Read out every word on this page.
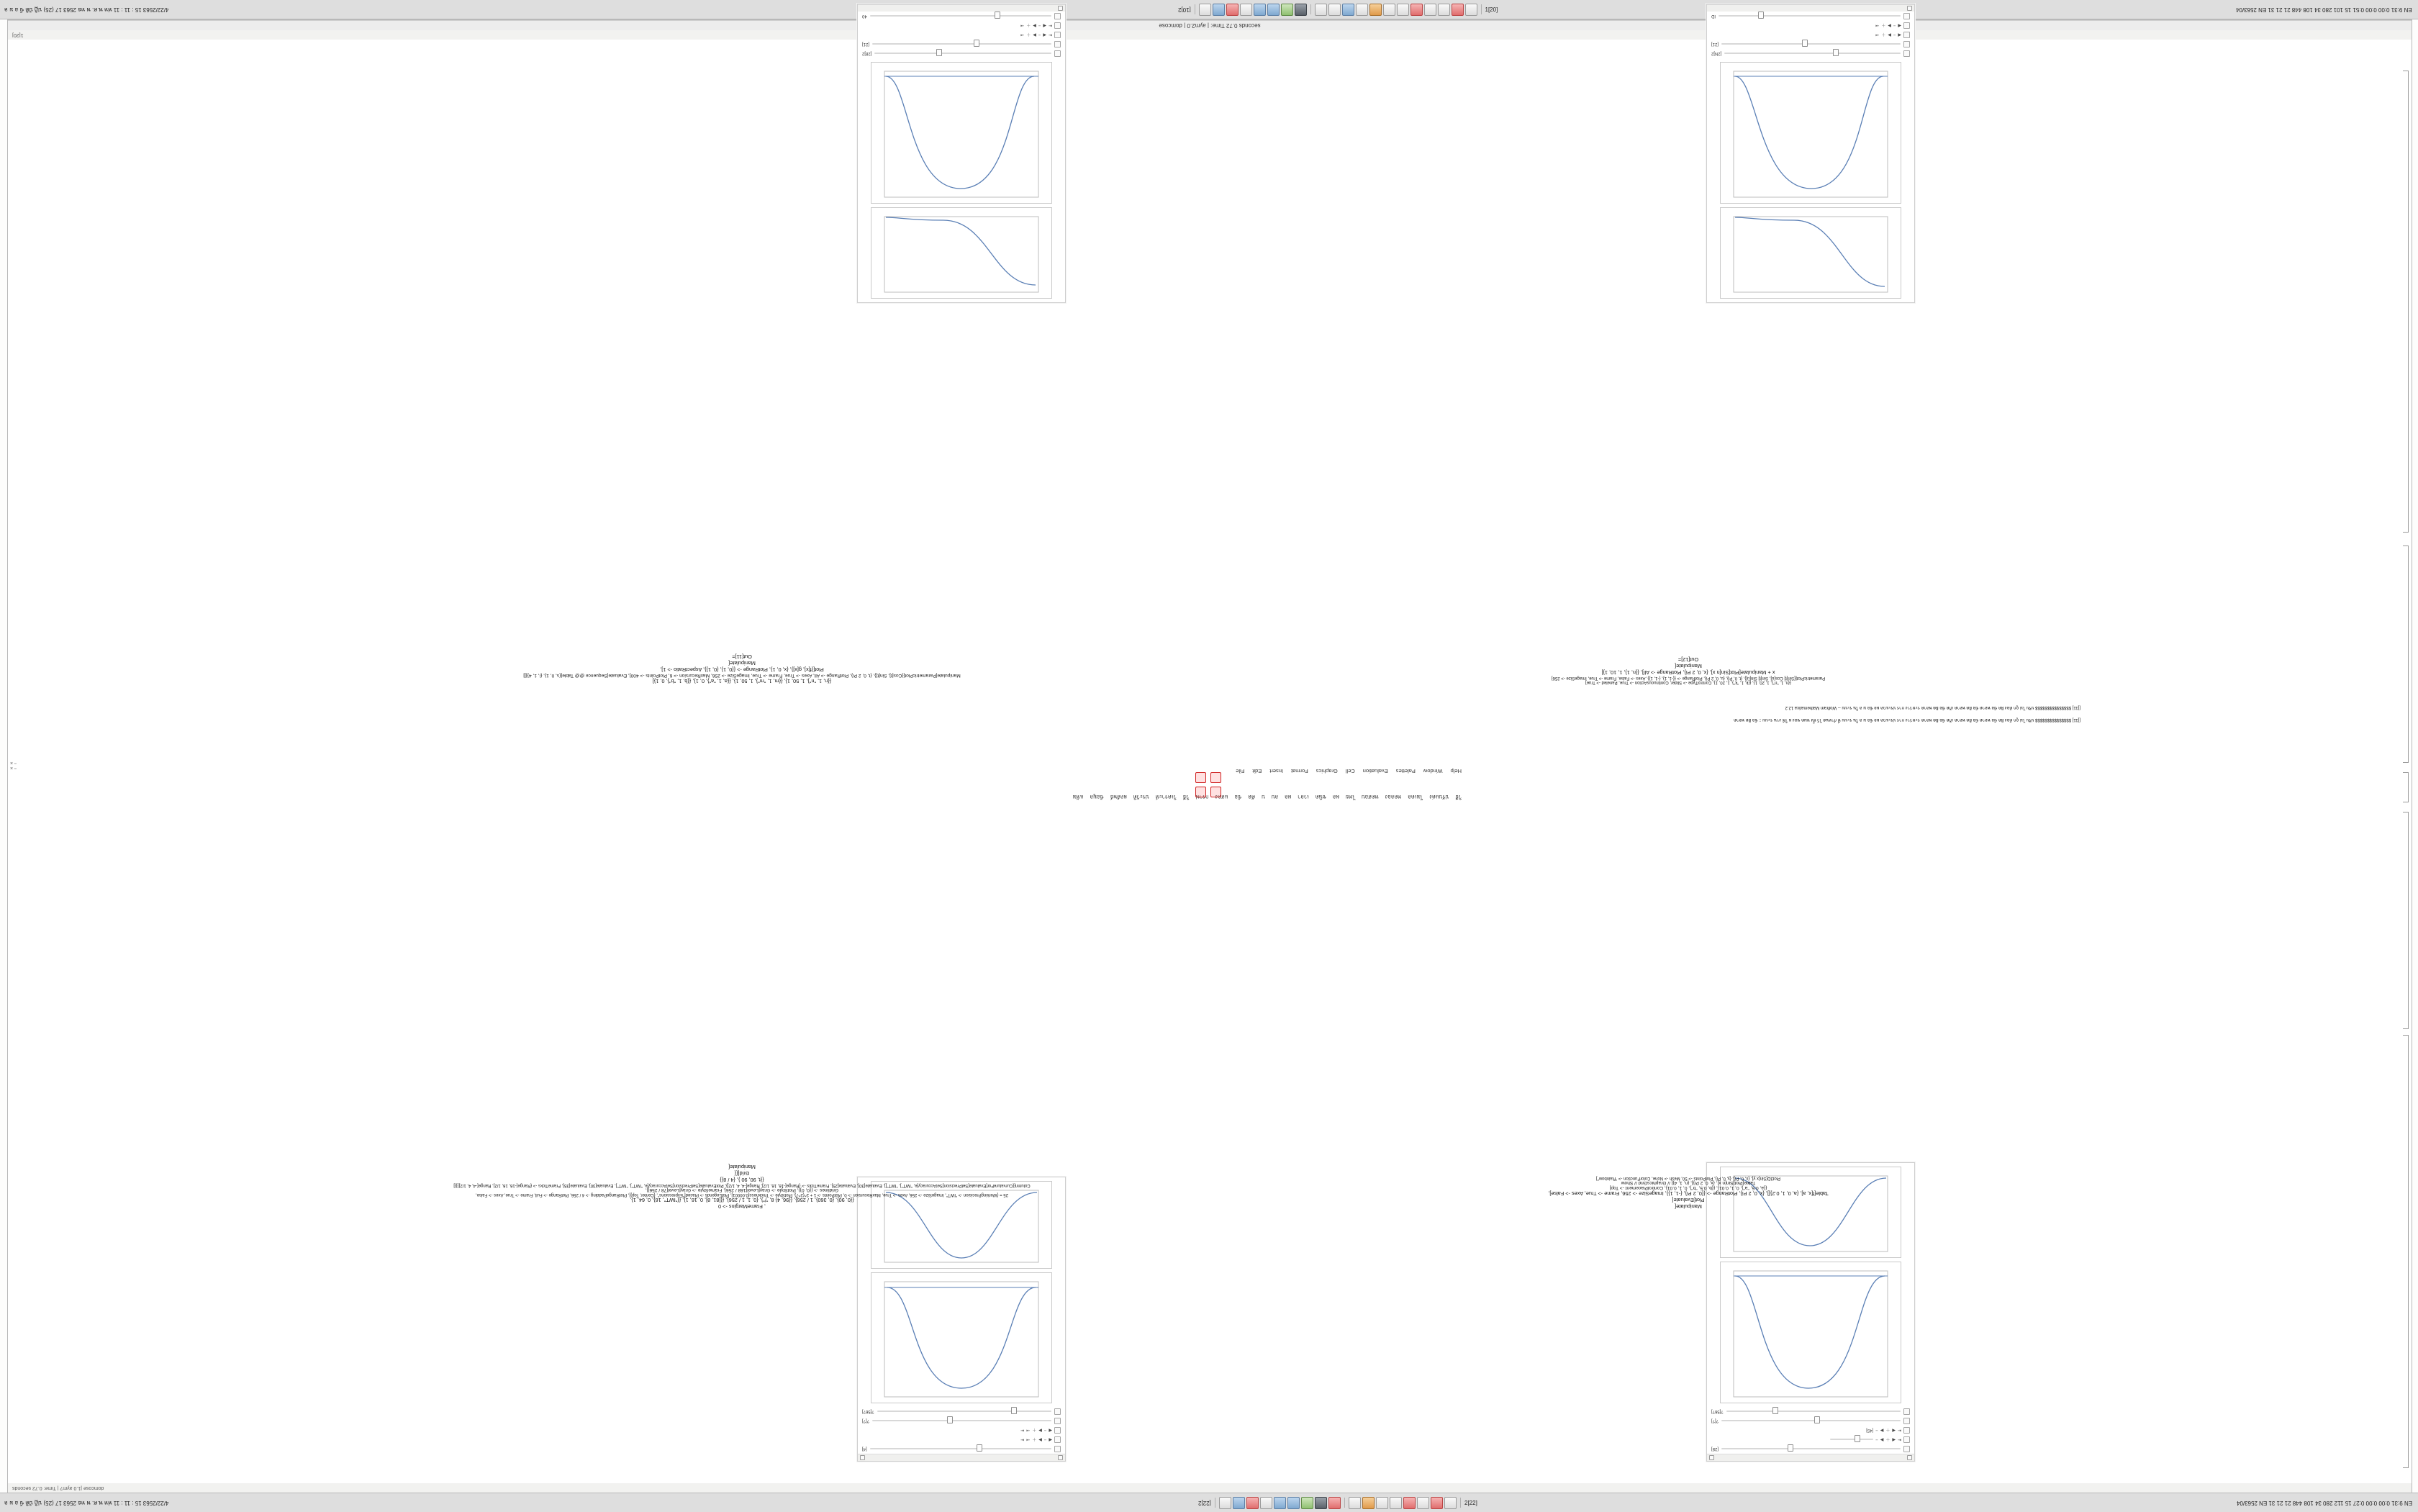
4/22/2563 15 : 11 : 11 พ่ห พ.ศ. พ ทธ 2563 17 (25) ปฏิ บัติ ข้ อ ม ล	[10]2	1[20]	EN 9:31 0:00 0:00 0:51 15 101 280 34 108 448 21 21 31 EN 2563/04
4/22/2563 15 : 11 : 11 พ่ห พ.ศ. พ ทธ 2563 17 (25) ปฏิ บัติ ข้ อ ม ล	[22]2	2[22]	EN 9:31 0:00 0:00 0:27 15 112 280 34 108 448 21 21 31 EN 2563/04
seconds 0.72 Time: | aym2.0 | domcose
1[20]
domcose |1.0 aym? | Time: 0.72 seconds
Help
Window
Palettes
Evaluation
Cell
Graphics
Format
Insert
Edit
File
วิธี
ปรับแต่ง
โมเดล
ทดลอง
ทดสอบ
ไทย
ผล
ชนิด
เวลา
ผล
ลบ
บ
คัด
ข้อ
แสดง
กราฟ
วิธี
วิเคราะห์
ประวัติ
ผลลัพธ์
ข้อมูล
แฟ้ม
[4]
◀
−
▶
＋
⇥
⇤
◀
−
▶
＋
⇥
⇤
?[?]
?[56?]
, FrameMargins -> 0
{{0, 90}, {0, 360}, 1 / 256}, {{96, 4} 8, "/"}, {0, 1, 1 / 256}, {{[81, 8], 0, 16, 1}, {{"IWT", 16}, 0, 64, 1},
25 = {WorkingPrecision -> "IWT", ImageSize -> 256, Axes -> True, MaxRecursion -> 0, PlotPoints -> 1 + 2^(2^7), PlotStyle -> Thickness[0.00001], PlotLegends -> Placed["Expressions", {Center, Top}], PlotRangePadding -> 4 / 256, PlotRange -> Full, Frame -> True, Axes -> False,
Gridlines -> {{0, 0}}, PlotStyle -> Gray[Level[168 / 256], FrameStyle -> Gray[Level[78 / 256]],
Column[{CurvatureFor[Evaluate[SetPrecision[SetAccuracy[e, "IWT"], "IWT"]], Evaluate[30], Evaluate[25], FrameTicks -> {Range[-16, 16, 1/2], Range[-4, 4, 1/2]}, PlotEvaluate[SetPrecision[SetAccuracy[e, "IWT"], "IWT"], Evaluate[30], Evaluate[35], FrameTicks -> {Range[-16, 16, 1/2], Range[-4, 4, 1/2]}]}]
{{t, 90, 90 }, {4 / 8}}
Grid[{{
Manipulate[
[28]
⇤
◀
＋
▶
−
⇤
◀
＋
▶
−
[45]
?[?]
?[56?]
Manipulate[
Plot[Evaluate[
Table[f[x, a], {a, 0, 1, 0.2}]], {x, 0, 2 Pi}, PlotRange -> {{0, 2 Pi}, {-1, 1}}, ImageSize -> 256, Frame -> True, Axes -> False],
{{a, 0.5, "a"}, 0, 1, 0.01}, {{b, 0.5, "b"}, 0, 1, 0.01}, ControlPlacement -> Top]
Table[Plot[Sin[n x], {x, 0, 2 Pi}], {n, 1, 4}] // GraphicsGrid // Show
Plot3D[Sin[x y], {x, 0, Pi}, {y, 0, Pi}, PlotPoints -> 50, Mesh -> None, ColorFunction -> "Rainbow"]
[[11] $$$$$$$$$$$$$$$ ปรับ ไม่ ถูก ต้อง ผิด ข้อ พลาด ข้อ ผิด พลาด เกิด ข้อ ผิด พลาด ระหว่าง การ ประมวล ผล ข้อ ม ล ใน ระบบ ที่ กำหนด ไว้ ทั้ง หมด ของ ผ ใช้ งาน ระบบ :: ข้อ ผิด พลาด
[[11] $$$$$$$$$$$$$$$ ปรับ ไม่ ถูก ต้อง ผิด ข้อ พลาด ข้อ ผิด พลาด เกิด ข้อ ผิด พลาด ระหว่าง การ ประมวล ผล ข้อ ม ล ใน ระบบ -- Wolfram Mathematica 12.2
{{n, 1, "n"}, 1, 50, 1}, {{m, 1, "m"}, 1, 50, 1}, {{a, 1, "a"}, 0, 1}, {{b, 1, "b"}, 0, 1}]
Manipulate[ParametricPlot[{Cos[t], Sin[t]}, {t, 0, 2 Pi}, PlotRange -> All, Axes -> True, Frame -> True, ImageSize -> 256, MaxRecursion -> 6, PlotPoints -> 400], Evaluate[Sequence @@ Table[{s, 0, 1}, {i, 1, 4}]]]
Plot[{f[x], g[x]}, {x, 0, 1}, PlotRange -> {{0, 1}, {0, 1}}, AspectRatio -> 1],
Manipulate[
Out[11]=
[28]2
[21]
⇤
◀
−
▶
＋
⇥
⇤
◀
−
▶
＋
⇥
40
{{n, 1, "n"}, 1, 20, 1}, {{k, 1, "k"}, 1, 20, 1}, ControlType -> Slider, ContinuousAction -> True, Paneled -> True]
ParametricPlot[{Sin[t] Cos[u], Sin[t] Sin[u]}, {t, 0, Pi}, {u, 0, 2 Pi}, PlotRange -> {{-1, 1}, {-1, 1}}, Axes -> False, Frame -> True, ImageSize -> 256]
x + Manipulate[Plot[Sin[n x], {x, 0, 2 Pi}, PlotRange -> All], {{n, 1}, 1, 10, 1}]
Manipulate[
Out[12]=
[2N]2
[21]
◀
−
▶
＋
⇥
◀
−
▶
＋
⇥
ID
× ▫
× ▫
